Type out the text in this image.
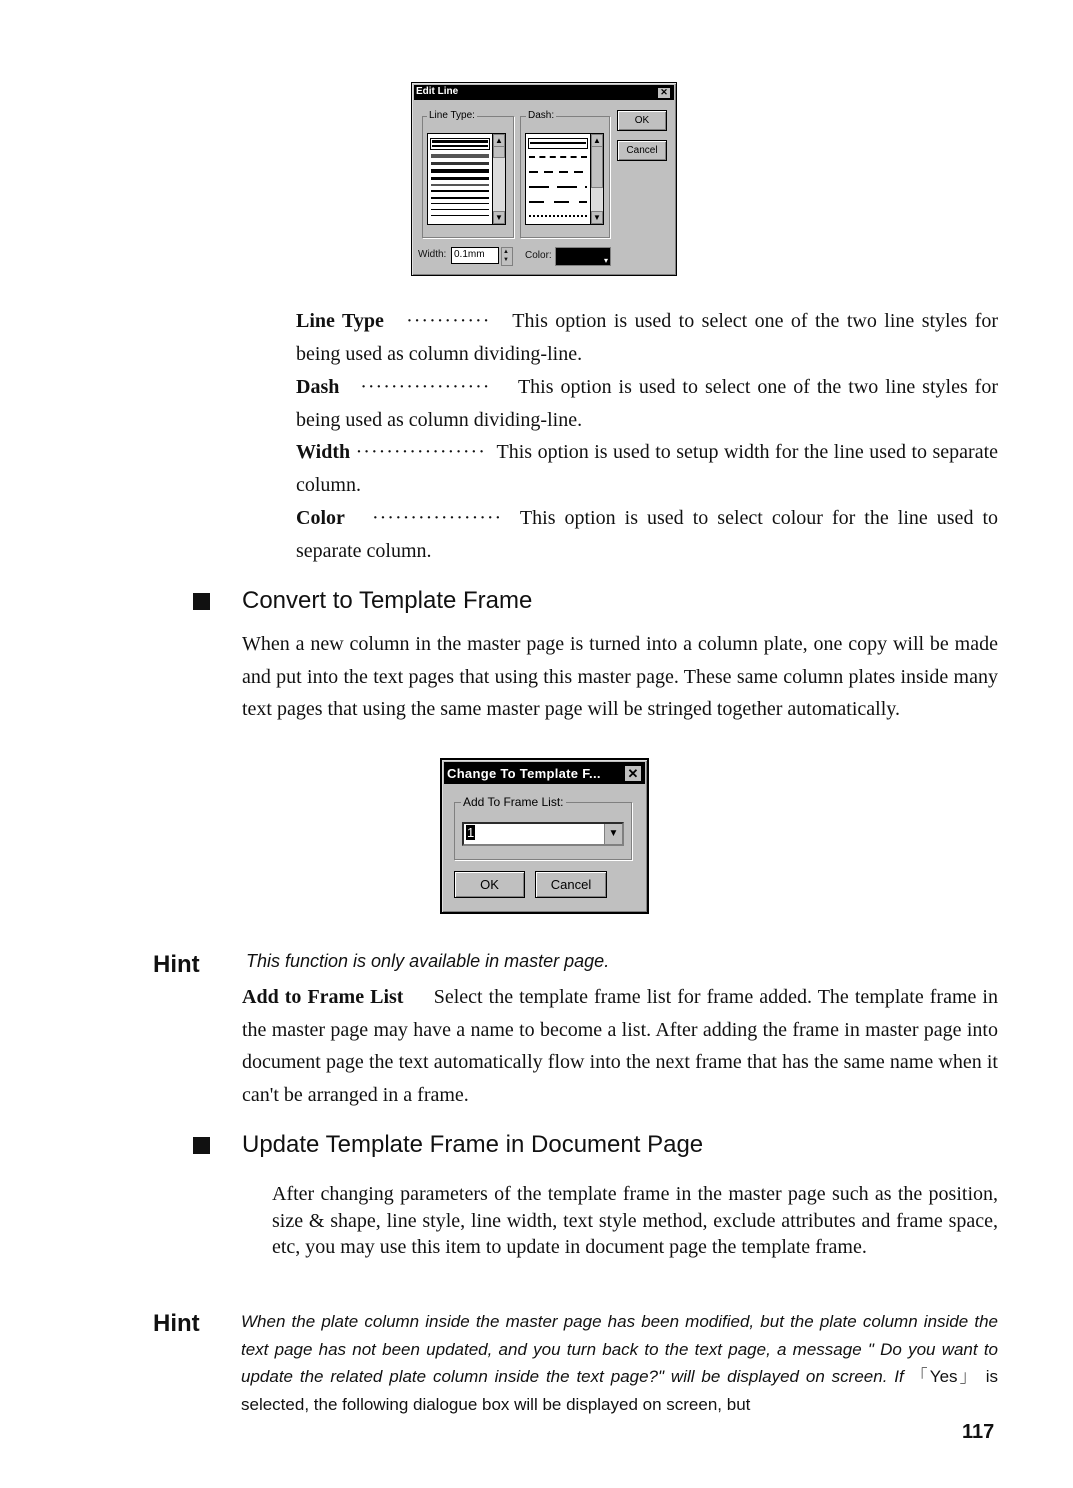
Edit Line	✕
Line Type:
▲
▼
Dash:
▲
▼
OK
Cancel
Width: 0.1mm	▲
▼ Color:	▾
Line Type ··········· This option is used to select one of the two line styles for being used as column dividing-line.
Dash ················· This option is used to select one of the two line styles for being used as column dividing-line.
Width ················· This option is used to setup width for the line used to separate column.
Color ················· This option is used to select colour for the line used to separate column.
Convert to Template Frame
When a new column in the master page is turned into a column plate, one copy will be made and put into the text pages that using this master page. These same column plates inside many text pages that using the same master page will be stringed together automatically.
Change To Template F... ✕
Add To Frame List:
1	▼
OK	Cancel
Hint	This function is only available in master page.
Add to Frame List Select the template frame list for frame added. The template frame in the master page may have a name to become a list. After adding the frame in master page into document page the text automatically flow into the next frame that has the same name when it can't be arranged in a frame.
Update Template Frame in Document Page
After changing parameters of the template frame in the master page such as the position, size & shape, line style, line width, text style method, exclude attributes and frame space, etc, you may use this item to update in document page the template frame.
Hint When the plate column inside the master page has been modified, but the plate column inside the text page has not been updated, and you turn back to the text page, a message " Do you want to update the related plate column inside the text page?" will be displayed on screen. If 「Yes」 is selected, the following dialogue box will be displayed on screen, but
117
